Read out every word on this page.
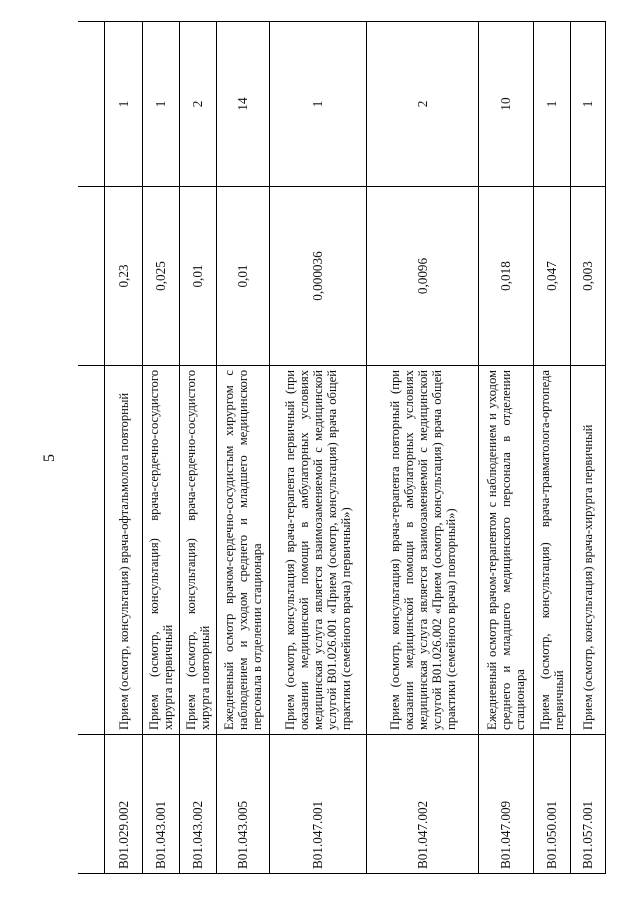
5

В01.029.002	Прием (осмотр, консультация) врача-офтальмолога повторный	0,23	1
В01.043.001	Прием (осмотр, консультация) врача-сердечно-сосудистого хирурга первичный	0,025	1
В01.043.002	Прием (осмотр, консультация) врача-сердечно-сосудистого хирурга повторный	0,01	2
В01.043.005	Ежедневный осмотр врачом-сердечно-сосудистым хирургом с наблюдением и уходом среднего и младшего медицинского персонала в отделении стационара	0,01	14
В01.047.001	Прием (осмотр, консультация) врача-терапевта первичный (при оказании медицинской помощи в амбулаторных условиях медицинская услуга является взаимозаменяемой с медицинской услугой В01.026.001 «Прием (осмотр, консультация) врача общей практики (семейного врача) первичный»)	0,000036	1
В01.047.002	Прием (осмотр, консультация) врача-терапевта повторный (при оказании медицинской помощи в амбулаторных условиях медицинская услуга является взаимозаменяемой с медицинской услугой В01.026.002 «Прием (осмотр, консультация) врача общей практики (семейного врача) повторный»)	0,0096	2
В01.047.009	Ежедневный осмотр врачом-терапевтом с наблюдением и уходом среднего и младшего медицинского персонала в отделении стационара	0,018	10
В01.050.001	Прием (осмотр, консультация) врача-травматолога-ортопеда первичный	0,047	1
В01.057.001	Прием (осмотр, консультация) врача-хирурга первичный	0,003	1
